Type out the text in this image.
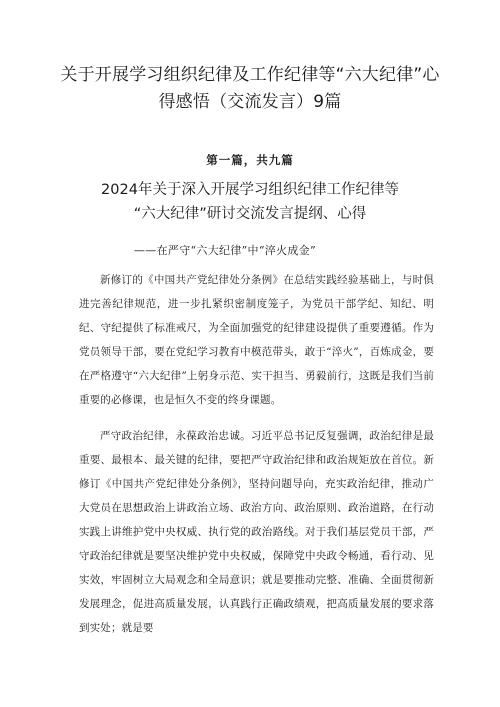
关于开展学习组织纪律及工作纪律等“六大纪律”心
得感悟（交流发言）9篇
第一篇，共九篇
2024年关于深入开展学习组织纪律工作纪律等
“六大纪律”研讨交流发言提纲、心得
——在严守“六大纪律”中“淬火成金”

新修订的《中国共产党纪律处分条例》在总结实践经验基础上，与时俱进完善纪律规范，进一步扎紧织密制度笼子，为党员干部学纪、知纪、明纪、守纪提供了标准戒尺，为全面加强党的纪律建设提供了重要遵循。作为党员领导干部，要在党纪学习教育中模范带头，敢于“淬火”，百炼成金，要在严格遵守“六大纪律”上躬身示范、实干担当、勇毅前行，这既是我们当前重要的必修课，也是恒久不变的终身课题。

严守政治纪律，永葆政治忠诚。习近平总书记反复强调，政治纪律是最重要、最根本、最关键的纪律，要把严守政治纪律和政治规矩放在首位。新修订《中国共产党纪律处分条例》，坚持问题导向，充实政治纪律，推动广大党员在思想政治上讲政治立场、政治方向、政治原则、政治道路，在行动实践上讲维护党中央权威、执行党的政治路线。对于我们基层党员干部，严守政治纪律就是要坚决维护党中央权威，保障党中央政令畅通，看行动、见实效，牢固树立大局观念和全局意识；就是要推动完整、准确、全面贯彻新发展理念，促进高质量发展，认真践行正确政绩观，把高质量发展的要求落到实处；就是要
